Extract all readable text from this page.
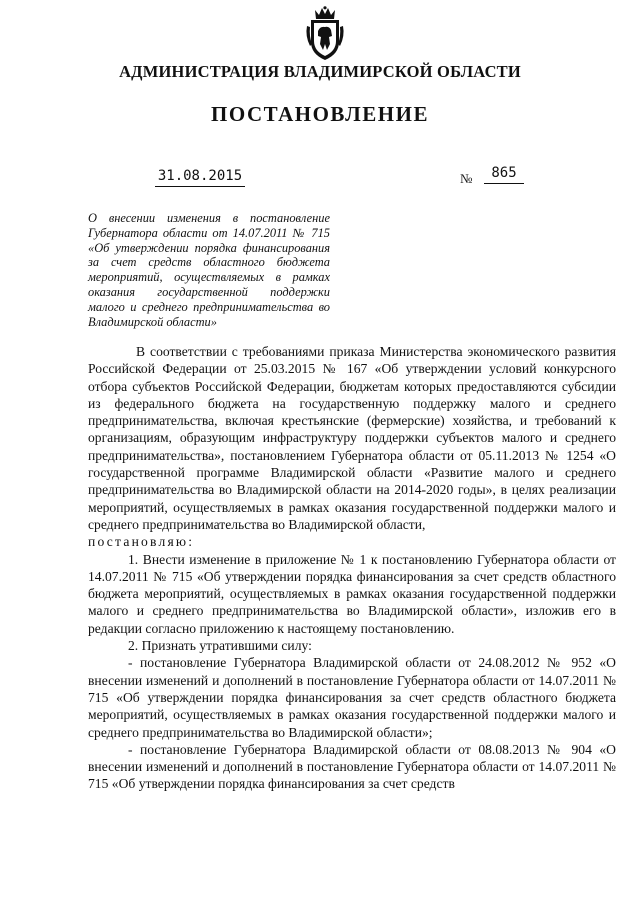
АДМИНИСТРАЦИЯ ВЛАДИМИРСКОЙ ОБЛАСТИ
ПОСТАНОВЛЕНИЕ
31.08.2015	№	865
О внесении изменения в постановление Губернатора области от 14.07.2011 № 715 «Об утверждении порядка финансирования за счет средств областного бюджета мероприятий, осуществляемых в рамках оказания государственной поддержки малого и среднего предпринимательства во Владимирской области»

В соответствии с требованиями приказа Министерства экономического развития Российской Федерации от 25.03.2015 № 167 «Об утверждении условий конкурсного отбора субъектов Российской Федерации, бюджетам которых предоставляются субсидии из федерального бюджета на государственную поддержку малого и среднего предпринимательства, включая крестьянские (фермерские) хозяйства, и требований к организациям, образующим инфраструктуру поддержки субъектов малого и среднего предпринимательства», постановлением Губернатора области от 05.11.2013 № 1254 «О государственной программе Владимирской области «Развитие малого и среднего предпринимательства во Владимирской области на 2014-2020 годы», в целях реализации мероприятий, осуществляемых в рамках оказания государственной поддержки малого и среднего предпринимательства во Владимирской области,

постановляю:

1. Внести изменение в приложение № 1 к постановлению Губернатора области от 14.07.2011 № 715 «Об утверждении порядка финансирования за счет средств областного бюджета мероприятий, осуществляемых в рамках оказания государственной поддержки малого и среднего предпринимательства во Владимирской области», изложив его в редакции согласно приложению к настоящему постановлению.

2. Признать утратившими силу:

- постановление Губернатора Владимирской области от 24.08.2012 № 952 «О внесении изменений и дополнений в постановление Губернатора области от 14.07.2011 № 715 «Об утверждении порядка финансирования за счет средств областного бюджета мероприятий, осуществляемых в рамках оказания государственной поддержки малого и среднего предпринимательства во Владимирской области»;

- постановление Губернатора Владимирской области от 08.08.2013 № 904 «О внесении изменений и дополнений в постановление Губернатора области от 14.07.2011 № 715 «Об утверждении порядка финансирования за счет средств
